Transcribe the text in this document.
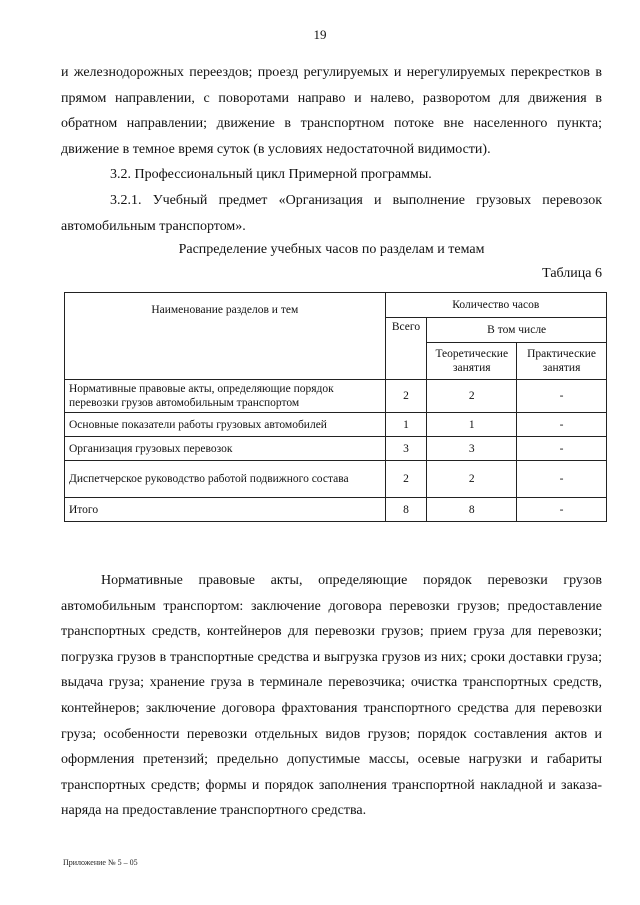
19

и железнодорожных переездов; проезд регулируемых и нерегулируемых перекрестков в прямом направлении, с поворотами направо и налево, разворотом для движения в обратном направлении; движение в транспортном потоке вне населенного пункта; движение в темное время суток (в условиях недостаточной видимости).

3.2. Профессиональный цикл Примерной программы.

3.2.1. Учебный предмет «Организация и выполнение грузовых перевозок автомобильным транспортом».

Распределение учебных часов по разделам и темам
Таблица 6
Наименование разделов и тем	Количество часов		
	Всего	В том числе	
		Теоретические занятия	Практические занятия
Нормативные правовые акты, определяющие порядок перевозки грузов автомобильным транспортом	2	2	-
Основные показатели работы грузовых автомобилей	1	1	-
Организация грузовых перевозок	3	3	-
Диспетчерское руководство работой подвижного состава	2	2	-
Итого	8	8	-

Нормативные правовые акты, определяющие порядок перевозки грузов автомобильным транспортом: заключение договора перевозки грузов; предоставление транспортных средств, контейнеров для перевозки грузов; прием груза для перевозки; погрузка грузов в транспортные средства и выгрузка грузов из них; сроки доставки груза; выдача груза; хранение груза в терминале перевозчика; очистка транспортных средств, контейнеров; заключение договора фрахтования транспортного средства для перевозки груза; особенности перевозки отдельных видов грузов; порядок составления актов и оформления претензий; предельно допустимые массы, осевые нагрузки и габариты транспортных средств; формы и порядок заполнения транспортной накладной и заказа-наряда на предоставление транспортного средства.

Приложение № 5 – 05
